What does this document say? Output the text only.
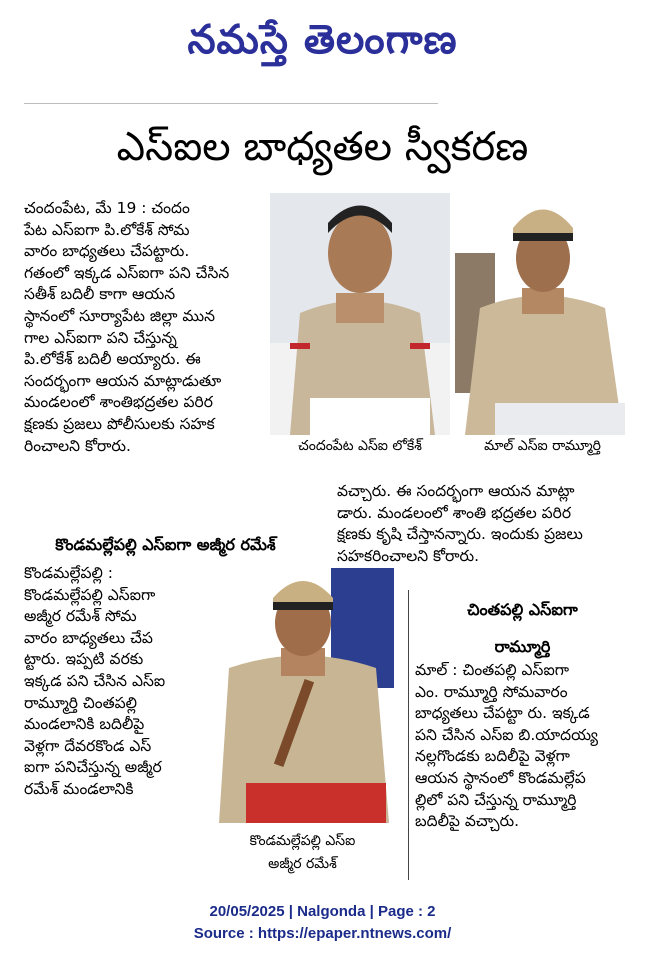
నమస్తే తెలంగాణ
ఎస్ఐల బాధ్యతల స్వీకరణ

చందంపేట, మే 19 : చందం

పేట ఎస్ఐగా పి.లోకేశ్ సోమ

వారం బాధ్యతలు చేపట్టారు.

గతంలో ఇక్కడ ఎస్ఐగా పని చేసిన

సతీశ్ బదిలీ కాగా ఆయన

స్థానంలో సూర్యాపేట జిల్లా మున

గాల ఎస్ఐగా పని చేస్తున్న

పి.లోకేశ్ బదిలీ అయ్యారు. ఈ

సందర్భంగా ఆయన మాట్లాడుతూ

మండలంలో శాంతిభద్రతల పరిర

క్షణకు ప్రజలు పోలీసులకు సహక

రించాలని కోరారు.	చందంపేట ఎస్ఐ లోకేశ్	మాల్ ఎస్ఐ రామ్మూర్తి

వచ్చారు. ఈ సందర్భంగా ఆయన మాట్లా

డారు. మండలంలో శాంతి భద్రతల పరిర

క్షణకు కృషి చేస్తానన్నారు. ఇందుకు ప్రజలు

సహకరించాలని కోరారు.

కొండమల్లేపల్లి ఎస్ఐగా అజ్మీర రమేశ్

కొండమల్లేపల్లి :

కొండమల్లేపల్లి ఎస్ఐగా

అజ్మీర రమేశ్ సోమ

వారం బాధ్యతలు చేప

ట్టారు. ఇప్పటి వరకు

ఇక్కడ పని చేసిన ఎస్ఐ

రామ్మూర్తి చింతపల్లి

మండలానికి బదిలీపై

వెళ్లగా దేవరకొండ ఎస్

ఐగా పనిచేస్తున్న అజ్మీర

రమేశ్ మండలానికి

కొండమల్లేపల్లి ఎస్ఐ
అజ్మీర రమేశ్
చింతపల్లి ఎస్ఐగా
రామ్మూర్తి

మాల్ : చింతపల్లి ఎస్ఐగా

ఎం. రామ్మూర్తి సోమవారం

బాధ్యతలు చేపట్టా రు. ఇక్కడ

పని చేసిన ఎస్ఐ బి.యాదయ్య

నల్లగొండకు బదిలీపై వెళ్లగా

ఆయన స్థానంలో కొండమల్లేప

ల్లిలో పని చేస్తున్న రామ్మూర్తి

బదిలీపై వచ్చారు.

20/05/2025 | Nalgonda | Page : 2
Source : https://epaper.ntnews.com/
